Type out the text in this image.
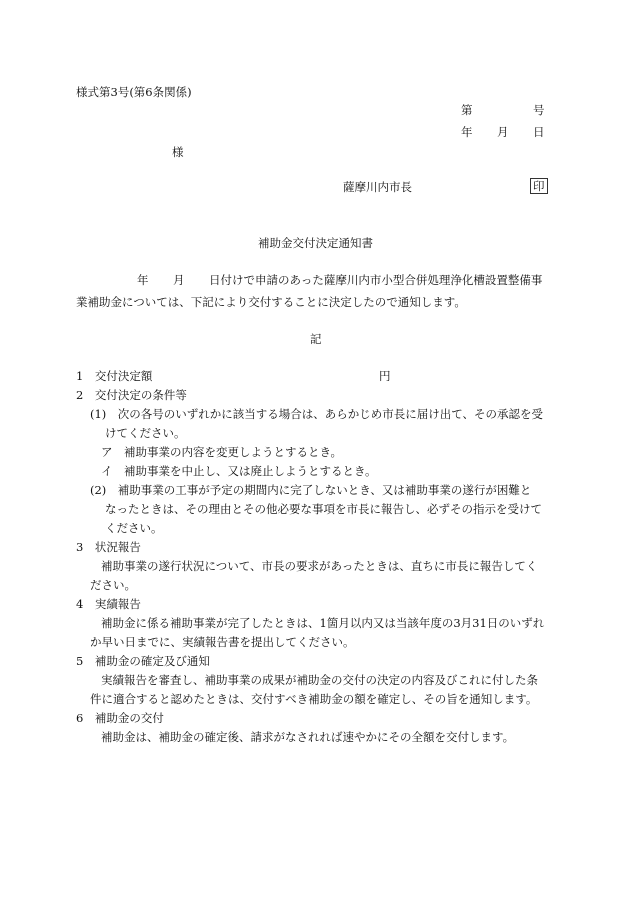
様式第3号(第6条関係)
第	号
年 月 日
様
薩摩川内市長	印
補助金交付決定通知書
年 月 日付けで申請のあった薩摩川内市小型合併処理浄化槽設置整備事
業補助金については、下記により交付することに決定したので通知します。
記
1　交付決定額	円
2　交付決定の条件等
(1)　次の各号のいずれかに該当する場合は、あらかじめ市長に届け出て、その承認を受
けてください。
ア　補助事業の内容を変更しようとするとき。
イ　補助事業を中止し、又は廃止しようとするとき。
(2)　補助事業の工事が予定の期間内に完了しないとき、又は補助事業の遂行が困難と
なったときは、その理由とその他必要な事項を市長に報告し、必ずその指示を受けて
ください。
3　状況報告
補助事業の遂行状況について、市長の要求があったときは、直ちに市長に報告してく
ださい。
4　実績報告
補助金に係る補助事業が完了したときは、1箇月以内又は当該年度の3月31日のいずれ
か早い日までに、実績報告書を提出してください。
5　補助金の確定及び通知
実績報告を審査し、補助事業の成果が補助金の交付の決定の内容及びこれに付した条
件に適合すると認めたときは、交付すべき補助金の額を確定し、その旨を通知します。
6　補助金の交付
補助金は、補助金の確定後、請求がなされれば速やかにその全額を交付します。
